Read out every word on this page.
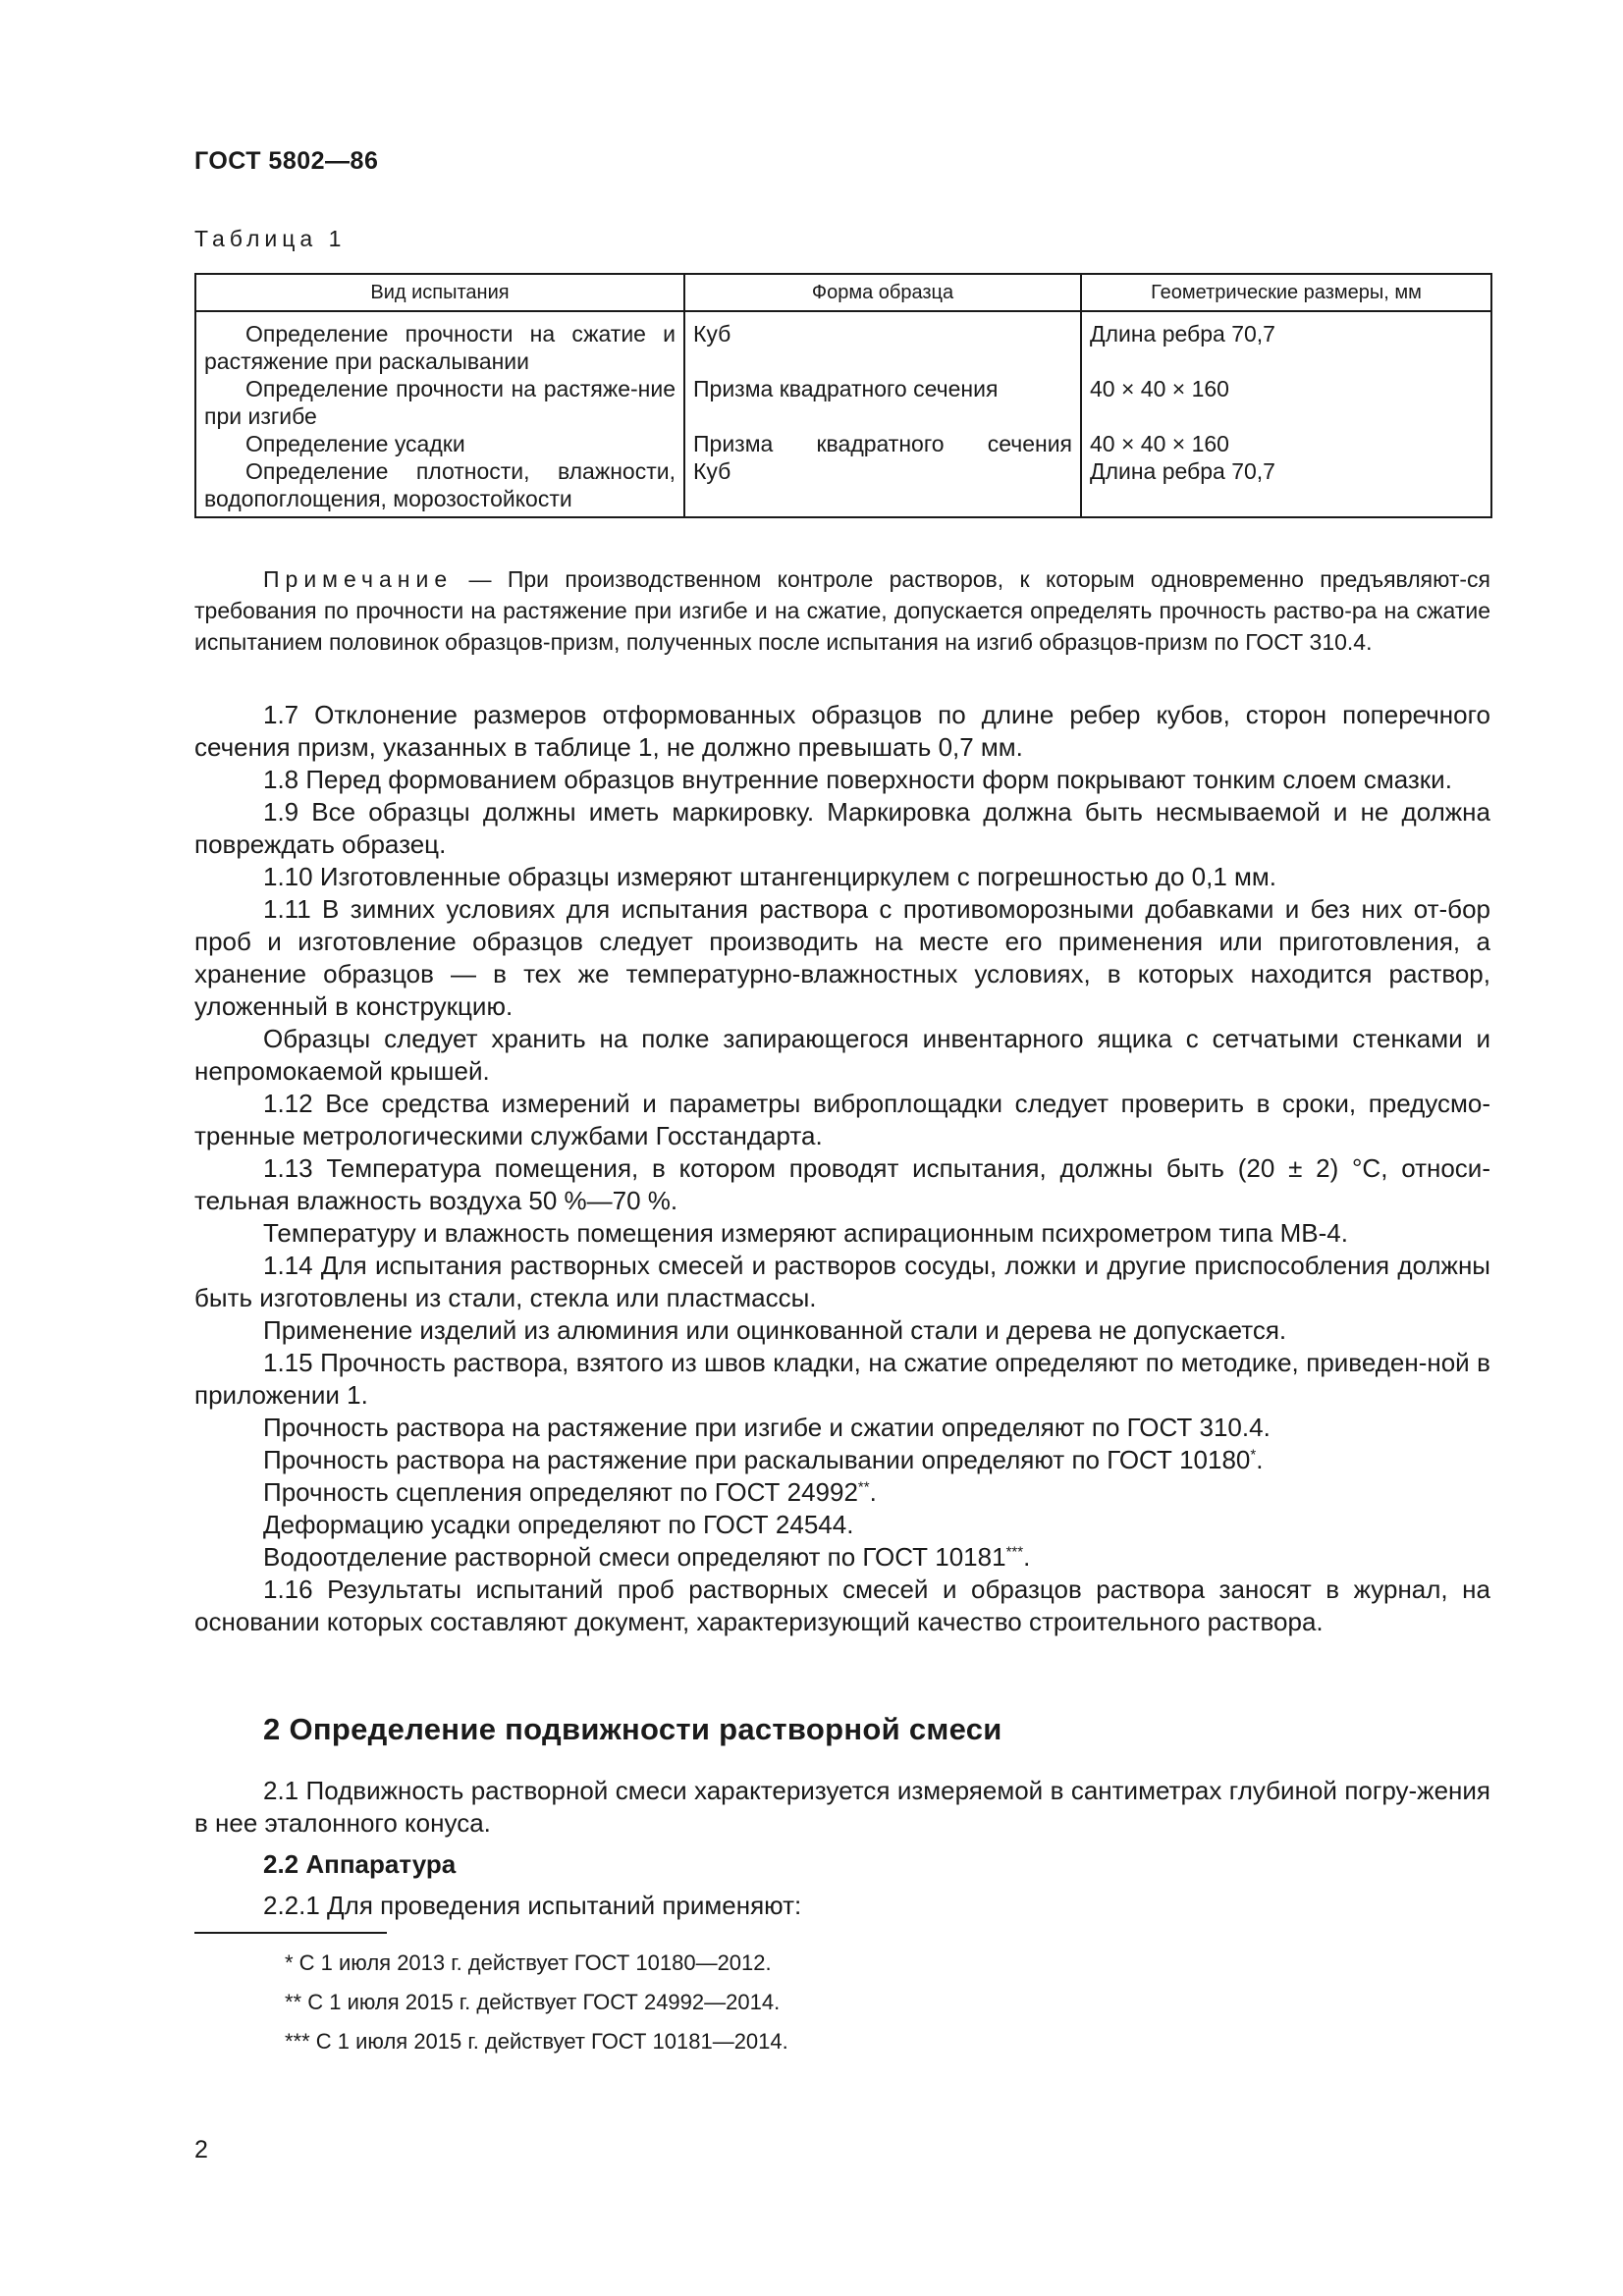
ГОСТ 5802—86
Таблица 1
Вид испытания	Форма образца	Геометрические размеры, мм
Определение прочности на сжатие и растяжение при раскалывании	Куб	Длина ребра 70,7
Определение прочности на растяже-ние при изгибе	Призма квадратного сечения	40 × 40 × 160
Определение усадки	Призма квадратного сечения	40 × 40 × 160
Определение плотности, влажности, водопоглощения, морозостойкости	Куб	Длина ребра 70,7
Примечание — При производственном контроле растворов, к которым одновременно предъявляют-ся требования по прочности на растяжение при изгибе и на сжатие, допускается определять прочность раство-ра на сжатие испытанием половинок образцов-призм, полученных после испытания на изгиб образцов-призм по ГОСТ 310.4.

1.7 Отклонение размеров отформованных образцов по длине ребер кубов, сторон поперечного сечения призм, указанных в таблице 1, не должно превышать 0,7 мм.

1.8 Перед формованием образцов внутренние поверхности форм покрывают тонким слоем смазки.

1.9 Все образцы должны иметь маркировку. Маркировка должна быть несмываемой и не должна повреждать образец.

1.10 Изготовленные образцы измеряют штангенциркулем с погрешностью до 0,1 мм.

1.11 В зимних условиях для испытания раствора с противоморозными добавками и без них от-бор проб и изготовление образцов следует производить на месте его применения или приготовления, а хранение образцов — в тех же температурно-влажностных условиях, в которых находится раствор, уложенный в конструкцию.

Образцы следует хранить на полке запирающегося инвентарного ящика с сетчатыми стенками и непромокаемой крышей.

1.12 Все средства измерений и параметры виброплощадки следует проверить в сроки, предусмо-тренные метрологическими службами Госстандарта.

1.13 Температура помещения, в котором проводят испытания, должны быть (20 ± 2) °С, относи-тельная влажность воздуха 50 %—70 %.

Температуру и влажность помещения измеряют аспирационным психрометром типа МВ-4.

1.14 Для испытания растворных смесей и растворов сосуды, ложки и другие приспособления должны быть изготовлены из стали, стекла или пластмассы.

Применение изделий из алюминия или оцинкованной стали и дерева не допускается.

1.15 Прочность раствора, взятого из швов кладки, на сжатие определяют по методике, приведен-ной в приложении 1.

Прочность раствора на растяжение при изгибе и сжатии определяют по ГОСТ 310.4.

Прочность раствора на растяжение при раскалывании определяют по ГОСТ 10180*.

Прочность сцепления определяют по ГОСТ 24992**.

Деформацию усадки определяют по ГОСТ 24544.

Водоотделение растворной смеси определяют по ГОСТ 10181***.

1.16 Результаты испытаний проб растворных смесей и образцов раствора заносят в журнал, на основании которых составляют документ, характеризующий качество строительного раствора.

2 Определение подвижности растворной смеси

2.1 Подвижность растворной смеси характеризуется измеряемой в сантиметрах глубиной погру-жения в нее эталонного конуса.

2.2 Аппаратура

2.2.1 Для проведения испытаний применяют:

* С 1 июля 2013 г. действует ГОСТ 10180—2012.
** С 1 июля 2015 г. действует ГОСТ 24992—2014.
*** С 1 июля 2015 г. действует ГОСТ 10181—2014.
2
